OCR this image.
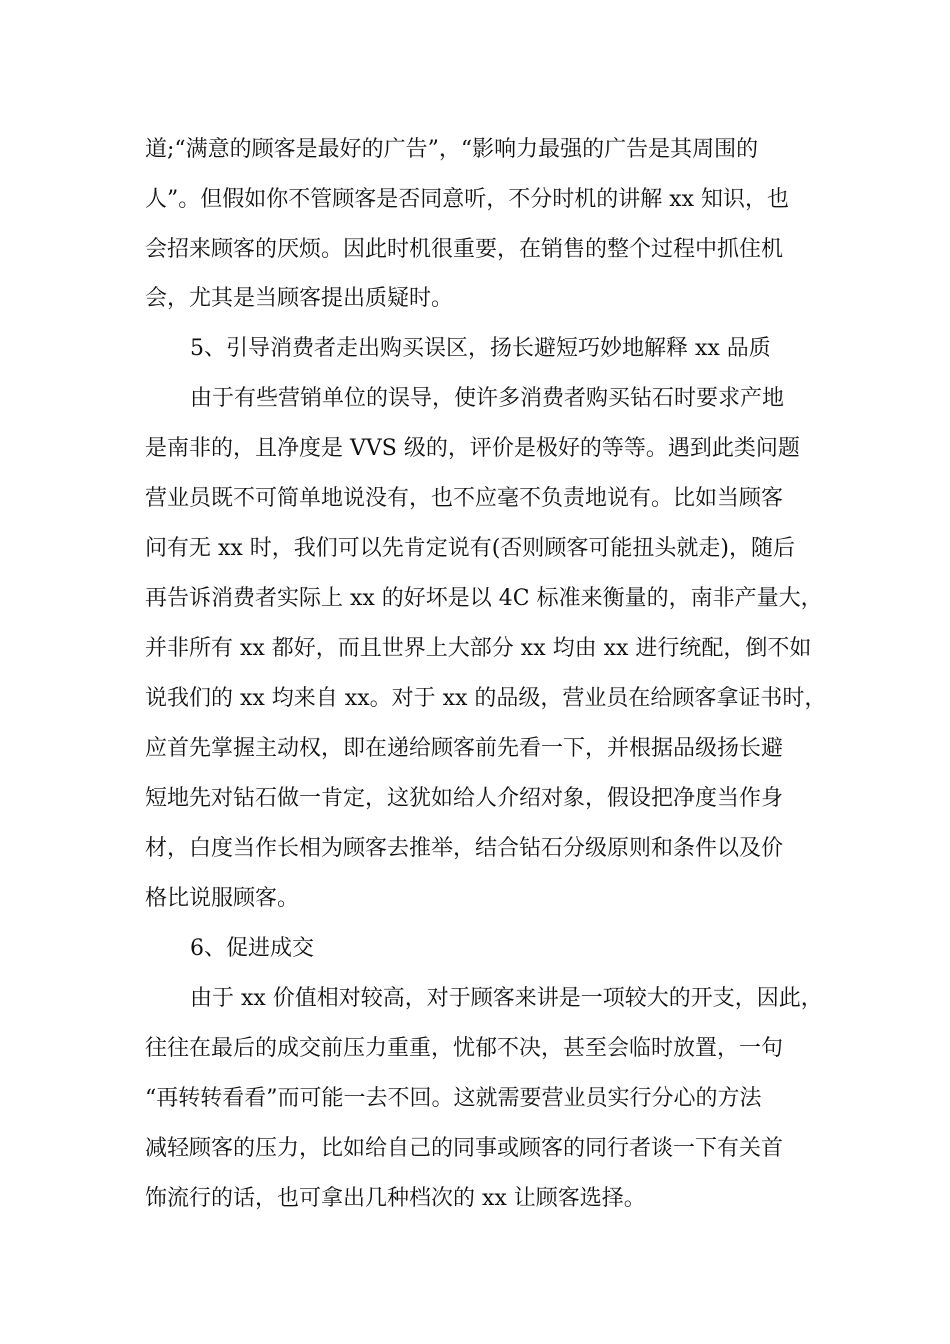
道;“满意的顾客是最好的广告”，“影响力最强的广告是其周围的
人”。但假如你不管顾客是否同意听，不分时机的讲解 xx 知识，也
会招来顾客的厌烦。因此时机很重要，在销售的整个过程中抓住机
会，尤其是当顾客提出质疑时。
5、引导消费者走出购买误区，扬长避短巧妙地解释 xx 品质
由于有些营销单位的误导，使许多消费者购买钻石时要求产地
是南非的，且净度是 VVS 级的，评价是极好的等等。遇到此类问题
营业员既不可简单地说没有，也不应毫不负责地说有。比如当顾客
问有无 xx 时，我们可以先肯定说有(否则顾客可能扭头就走)，随后
再告诉消费者实际上 xx 的好坏是以 4C 标准来衡量的，南非产量大，
并非所有 xx 都好，而且世界上大部分 xx 均由 xx 进行统配，倒不如
说我们的 xx 均来自 xx。对于 xx 的品级，营业员在给顾客拿证书时，
应首先掌握主动权，即在递给顾客前先看一下，并根据品级扬长避
短地先对钻石做一肯定，这犹如给人介绍对象，假设把净度当作身
材，白度当作长相为顾客去推举，结合钻石分级原则和条件以及价
格比说服顾客。
6、促进成交
由于 xx 价值相对较高，对于顾客来讲是一项较大的开支，因此，
往往在最后的成交前压力重重，忧郁不决，甚至会临时放置，一句
“再转转看看”而可能一去不回。这就需要营业员实行分心的方法
减轻顾客的压力，比如给自己的同事或顾客的同行者谈一下有关首
饰流行的话，也可拿出几种档次的 xx 让顾客选择。
